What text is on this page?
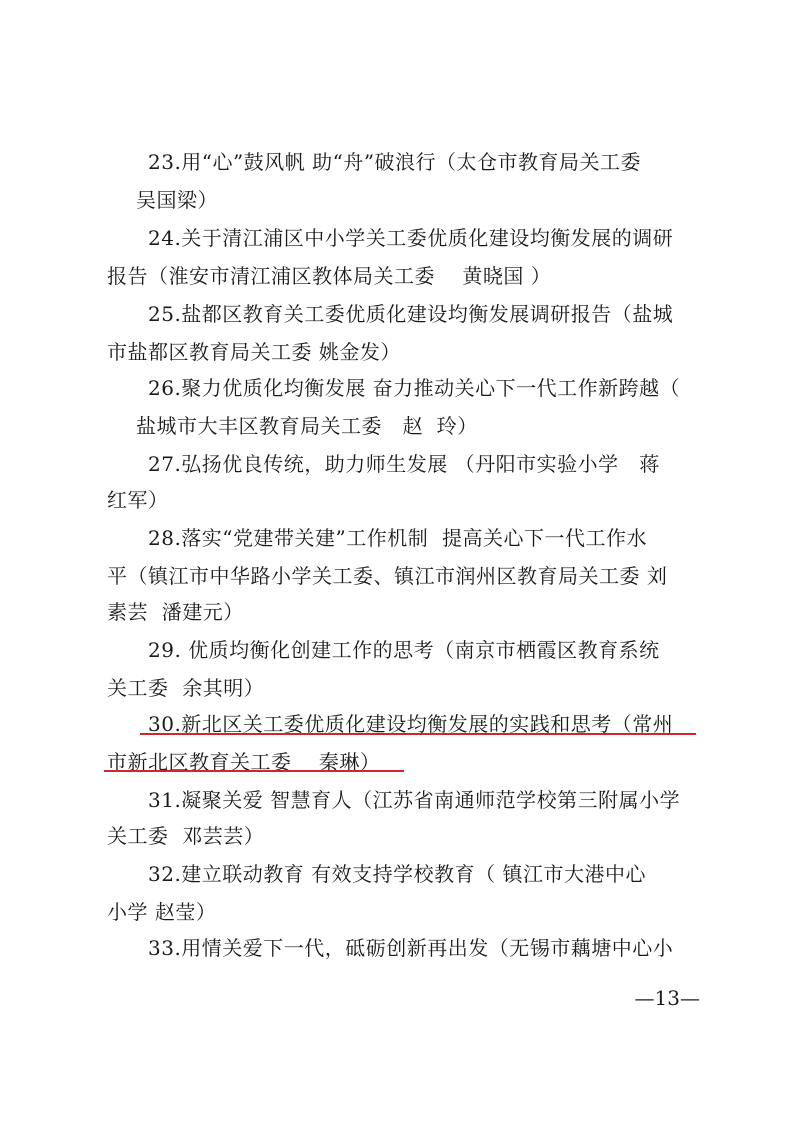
23.用“心”鼓风帆 助“舟”破浪行（太仓市教育局关工委
吴国梁）
24.关于清江浦区中小学关工委优质化建设均衡发展的调研
报告（淮安市清江浦区教体局关工委    黄晓国 ）
25.盐都区教育关工委优质化建设均衡发展调研报告（盐城
市盐都区教育局关工委 姚金发）
26.聚力优质化均衡发展 奋力推动关心下一代工作新跨越（
盐城市大丰区教育局关工委   赵  玲）
27.弘扬优良传统，助力师生发展 （丹阳市实验小学   蒋
红军）
28.落实“党建带关建”工作机制  提高关心下一代工作水
平（镇江市中华路小学关工委、镇江市润州区教育局关工委 刘
素芸  潘建元）
29. 优质均衡化创建工作的思考（南京市栖霞区教育系统
关工委  余其明）
30.新北区关工委优质化建设均衡发展的实践和思考（常州
市新北区教育关工委    秦琳）
31.凝聚关爱 智慧育人（江苏省南通师范学校第三附属小学
关工委  邓芸芸）
32.建立联动教育 有效支持学校教育（ 镇江市大港中心
小学 赵莹）
33.用情关爱下一代，砥砺创新再出发（无锡市藕塘中心小
—13—
